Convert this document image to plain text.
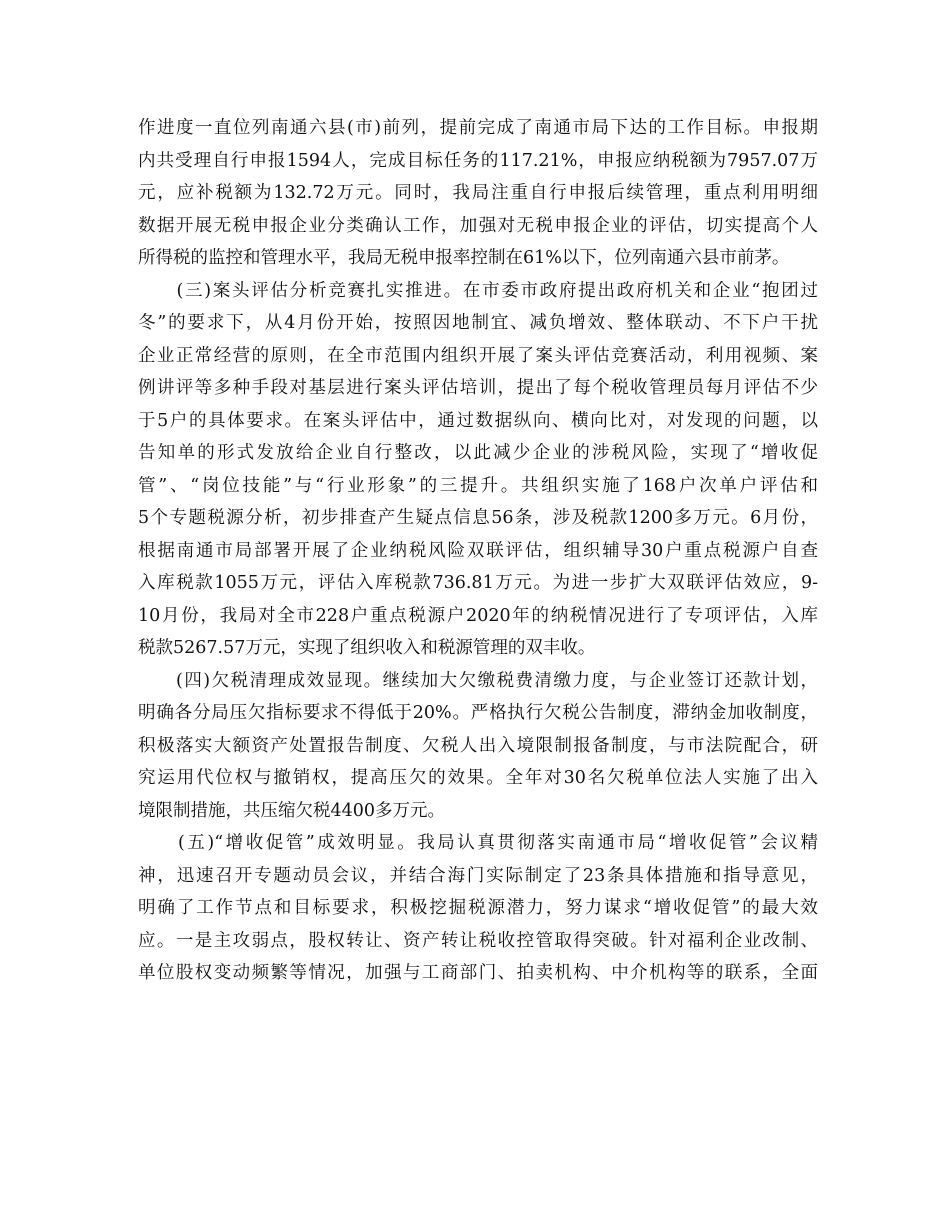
作进度一直位列南通六县(市)前列，提前完成了南通市局下达的工作目标。申报期
内共受理自行申报1594人，完成目标任务的117.21%，申报应纳税额为7957.07万
元，应补税额为132.72万元。同时，我局注重自行申报后续管理，重点利用明细
数据开展无税申报企业分类确认工作，加强对无税申报企业的评估，切实提高个人
所得税的监控和管理水平，我局无税申报率控制在61%以下，位列南通六县市前茅。
　　(三)案头评估分析竞赛扎实推进。在市委市政府提出政府机关和企业“抱团过
冬”的要求下，从4月份开始，按照因地制宜、减负增效、整体联动、不下户干扰
企业正常经营的原则，在全市范围内组织开展了案头评估竞赛活动，利用视频、案
例讲评等多种手段对基层进行案头评估培训，提出了每个税收管理员每月评估不少
于5户的具体要求。在案头评估中，通过数据纵向、横向比对，对发现的问题，以
告知单的形式发放给企业自行整改，以此减少企业的涉税风险，实现了“增收促
管”、“岗位技能”与“行业形象”的三提升。共组织实施了168户次单户评估和
5个专题税源分析，初步排查产生疑点信息56条，涉及税款1200多万元。6月份，
根据南通市局部署开展了企业纳税风险双联评估，组织辅导30户重点税源户自查
入库税款1055万元，评估入库税款736.81万元。为进一步扩大双联评估效应，9-
10月份，我局对全市228户重点税源户2020年的纳税情况进行了专项评估，入库
税款5267.57万元，实现了组织收入和税源管理的双丰收。
　　(四)欠税清理成效显现。继续加大欠缴税费清缴力度，与企业签订还款计划，
明确各分局压欠指标要求不得低于20%。严格执行欠税公告制度，滞纳金加收制度，
积极落实大额资产处置报告制度、欠税人出入境限制报备制度，与市法院配合，研
究运用代位权与撤销权，提高压欠的效果。全年对30名欠税单位法人实施了出入
境限制措施，共压缩欠税4400多万元。
　　(五)“增收促管”成效明显。我局认真贯彻落实南通市局“增收促管”会议精
神，迅速召开专题动员会议，并结合海门实际制定了23条具体措施和指导意见，
明确了工作节点和目标要求，积极挖掘税源潜力，努力谋求“增收促管”的最大效
应。一是主攻弱点，股权转让、资产转让税收控管取得突破。针对福利企业改制、
单位股权变动频繁等情况，加强与工商部门、拍卖机构、中介机构等的联系，全面
